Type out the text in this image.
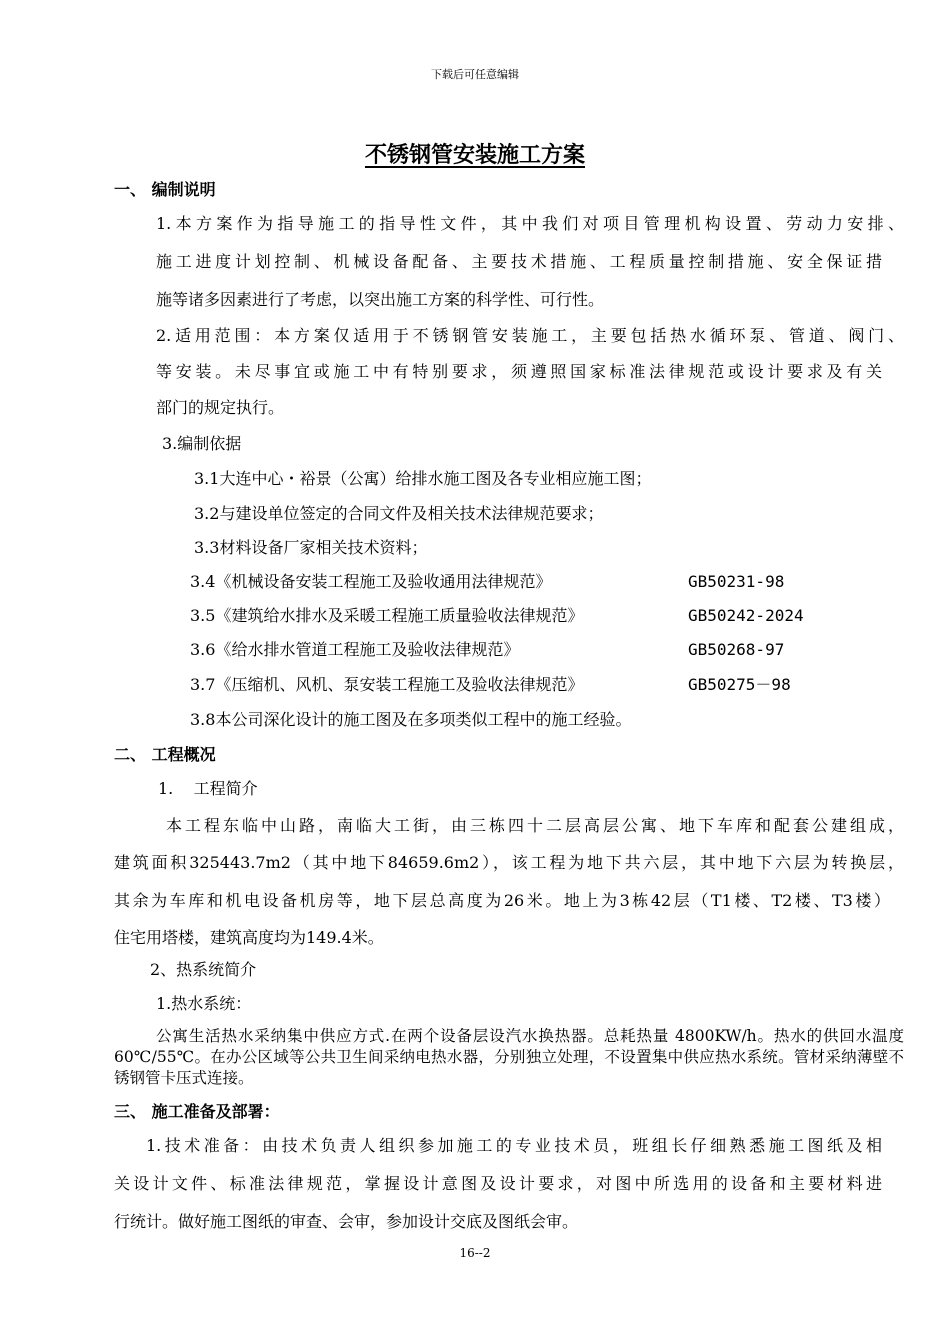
下载后可任意编辑
不锈钢管安装施工方案
一、 编制说明
1.本方案作为指导施工的指导性文件，其中我们对项目管理机构设置、劳动力安排、
施工进度计划控制、机械设备配备、主要技术措施、工程质量控制措施、安全保证措
施等诸多因素进行了考虑，以突出施工方案的科学性、可行性。
2.适用范围：本方案仅适用于不锈钢管安装施工，主要包括热水循环泵、管道、阀门、
等安装。未尽事宜或施工中有特别要求，须遵照国家标准法律规范或设计要求及有关
部门的规定执行。
3.编制依据
3.1大连中心・裕景（公寓）给排水施工图及各专业相应施工图；
3.2与建设单位签定的合同文件及相关技术法律规范要求；
3.3材料设备厂家相关技术资料；
3.4《机械设备安装工程施工及验收通用法律规范》	GB50231-98
3.5《建筑给水排水及采暖工程施工质量验收法律规范》	GB50242-2024
3.6《给水排水管道工程施工及验收法律规范》	GB50268-97
3.7《压缩机、风机、泵安装工程施工及验收法律规范》	GB50275－98
3.8本公司深化设计的施工图及在多项类似工程中的施工经验。
二、 工程概况
1.    工程简介
本工程东临中山路，南临大工街，由三栋四十二层高层公寓、地下车库和配套公建组成，
建筑面积325443.7m2（其中地下84659.6m2），该工程为地下共六层，其中地下六层为转换层，
其余为车库和机电设备机房等，地下层总高度为26米。地上为3栋42层（T1楼、T2楼、T3楼）
住宅用塔楼，建筑高度均为149.4米。
2、热系统简介
1.热水系统：
公寓生活热水采纳集中供应方式.在两个设备层设汽水换热器。总耗热量 4800KW/h。热水的供回水温度 60℃/55℃。在办公区域等公共卫生间采纳电热水器，分别独立处理，不设置集中供应热水系统。管材采纳薄壁不锈钢管卡压式连接。
三、 施工准备及部署：
1.技术准备：由技术负责人组织参加施工的专业技术员，班组长仔细熟悉施工图纸及相
关设计文件、标准法律规范，掌握设计意图及设计要求，对图中所选用的设备和主要材料进
行统计。做好施工图纸的审查、会审，参加设计交底及图纸会审。
16--2
